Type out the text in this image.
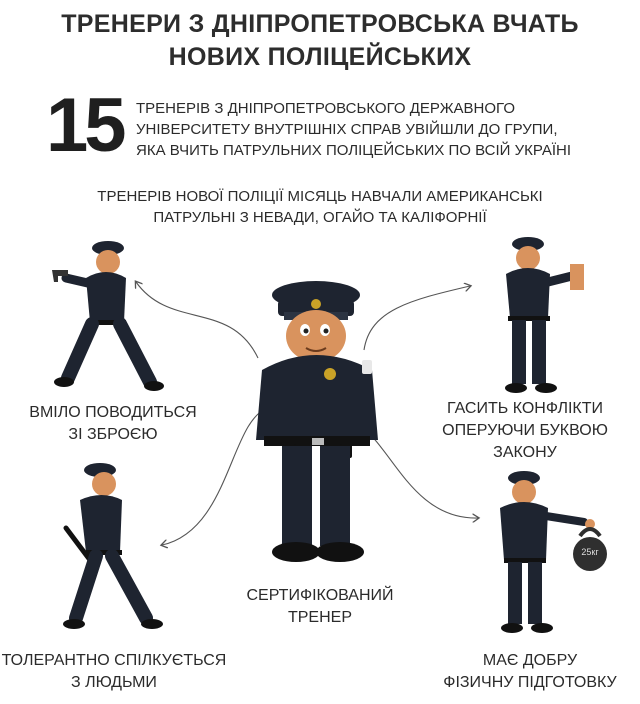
ТРЕНЕРИ З ДНІПРОПЕТРОВСЬКА ВЧАТЬ
НОВИХ ПОЛІЦЕЙСЬКИХ
15 ТРЕНЕРІВ З ДНІПРОПЕТРОВСЬКОГО ДЕРЖАВНОГО
УНІВЕРСИТЕТУ ВНУТРІШНІХ СПРАВ УВІЙШЛИ ДО ГРУПИ,
ЯКА ВЧИТЬ ПАТРУЛЬНИХ ПОЛІЦЕЙСЬКИХ ПО ВСІЙ УКРАЇНІ
ТРЕНЕРІВ НОВОЇ ПОЛІЦІЇ МІСЯЦЬ НАВЧАЛИ АМЕРИКАНСЬКІ
ПАТРУЛЬНІ З НЕВАДИ, ОГАЙО ТА КАЛІФОРНІЇ
25кг
ВМІЛО ПОВОДИТЬСЯ
ЗІ ЗБРОЄЮ
ГАСИТЬ КОНФЛІКТИ
ОПЕРУЮЧИ БУКВОЮ ЗАКОНУ
СЕРТИФІКОВАНИЙ
ТРЕНЕР
ТОЛЕРАНТНО СПІЛКУЄТЬСЯ
З ЛЮДЬМИ
МАЄ ДОБРУ
ФІЗИЧНУ ПІДГОТОВКУ
